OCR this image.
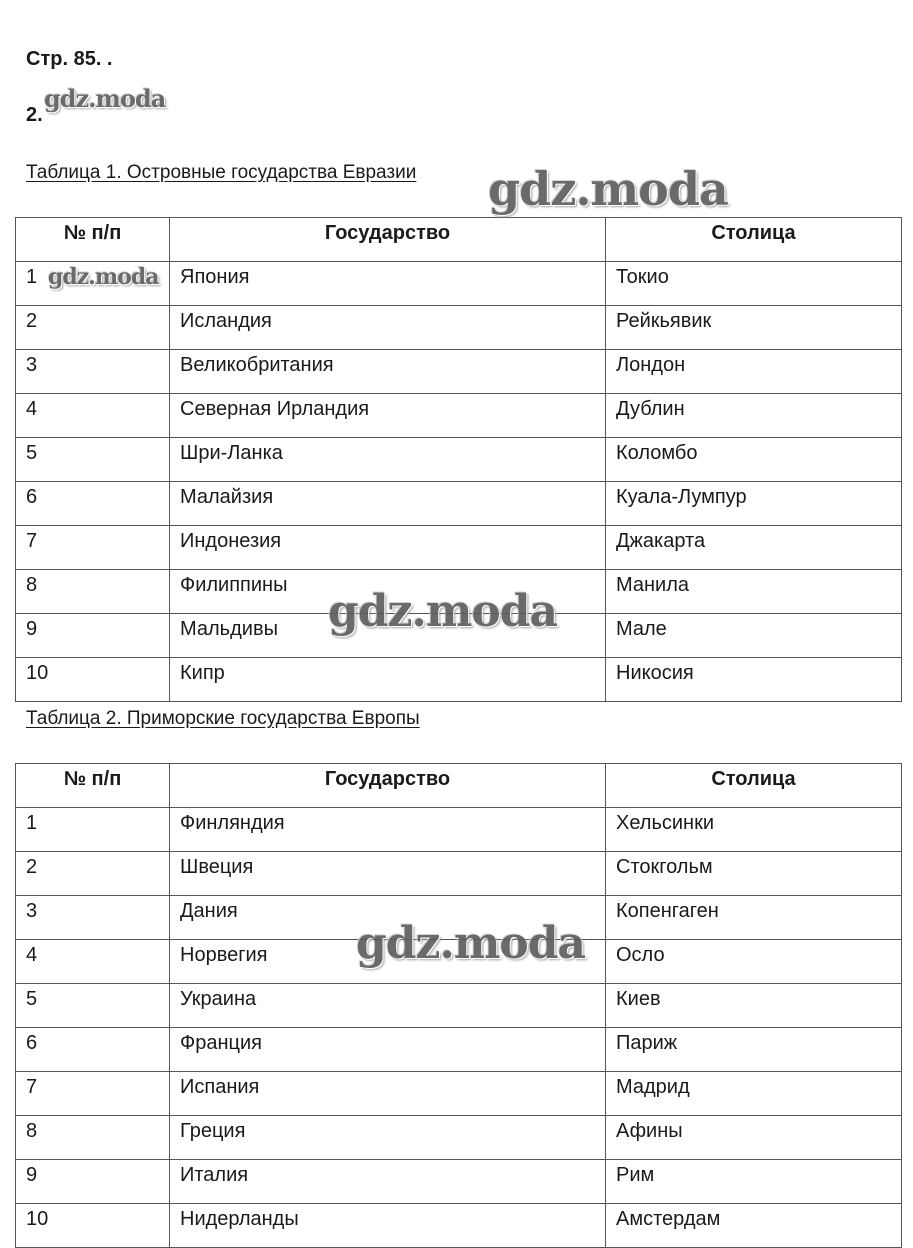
Стр. 85. .
2.
Таблица 1. Островные государства Евразии
№ п/п	Государство	Столица
1	Япония	Токио
2	Исландия	Рейкьявик
3	Великобритания	Лондон
4	Северная Ирландия	Дублин
5	Шри-Ланка	Коломбо
6	Малайзия	Куала-Лумпур
7	Индонезия	Джакарта
8	Филиппины	Манила
9	Мальдивы	Мале
10	Кипр	Никосия
Таблица 2. Приморские государства Европы
№ п/п	Государство	Столица
1	Финляндия	Хельсинки
2	Швеция	Стокгольм
3	Дания	Копенгаген
4	Норвегия	Осло
5	Украина	Киев
6	Франция	Париж
7	Испания	Мадрид
8	Греция	Афины
9	Италия	Рим
10	Нидерланды	Амстердам
gdz.moda
gdz.moda
gdz.moda
gdz.moda
gdz.moda
